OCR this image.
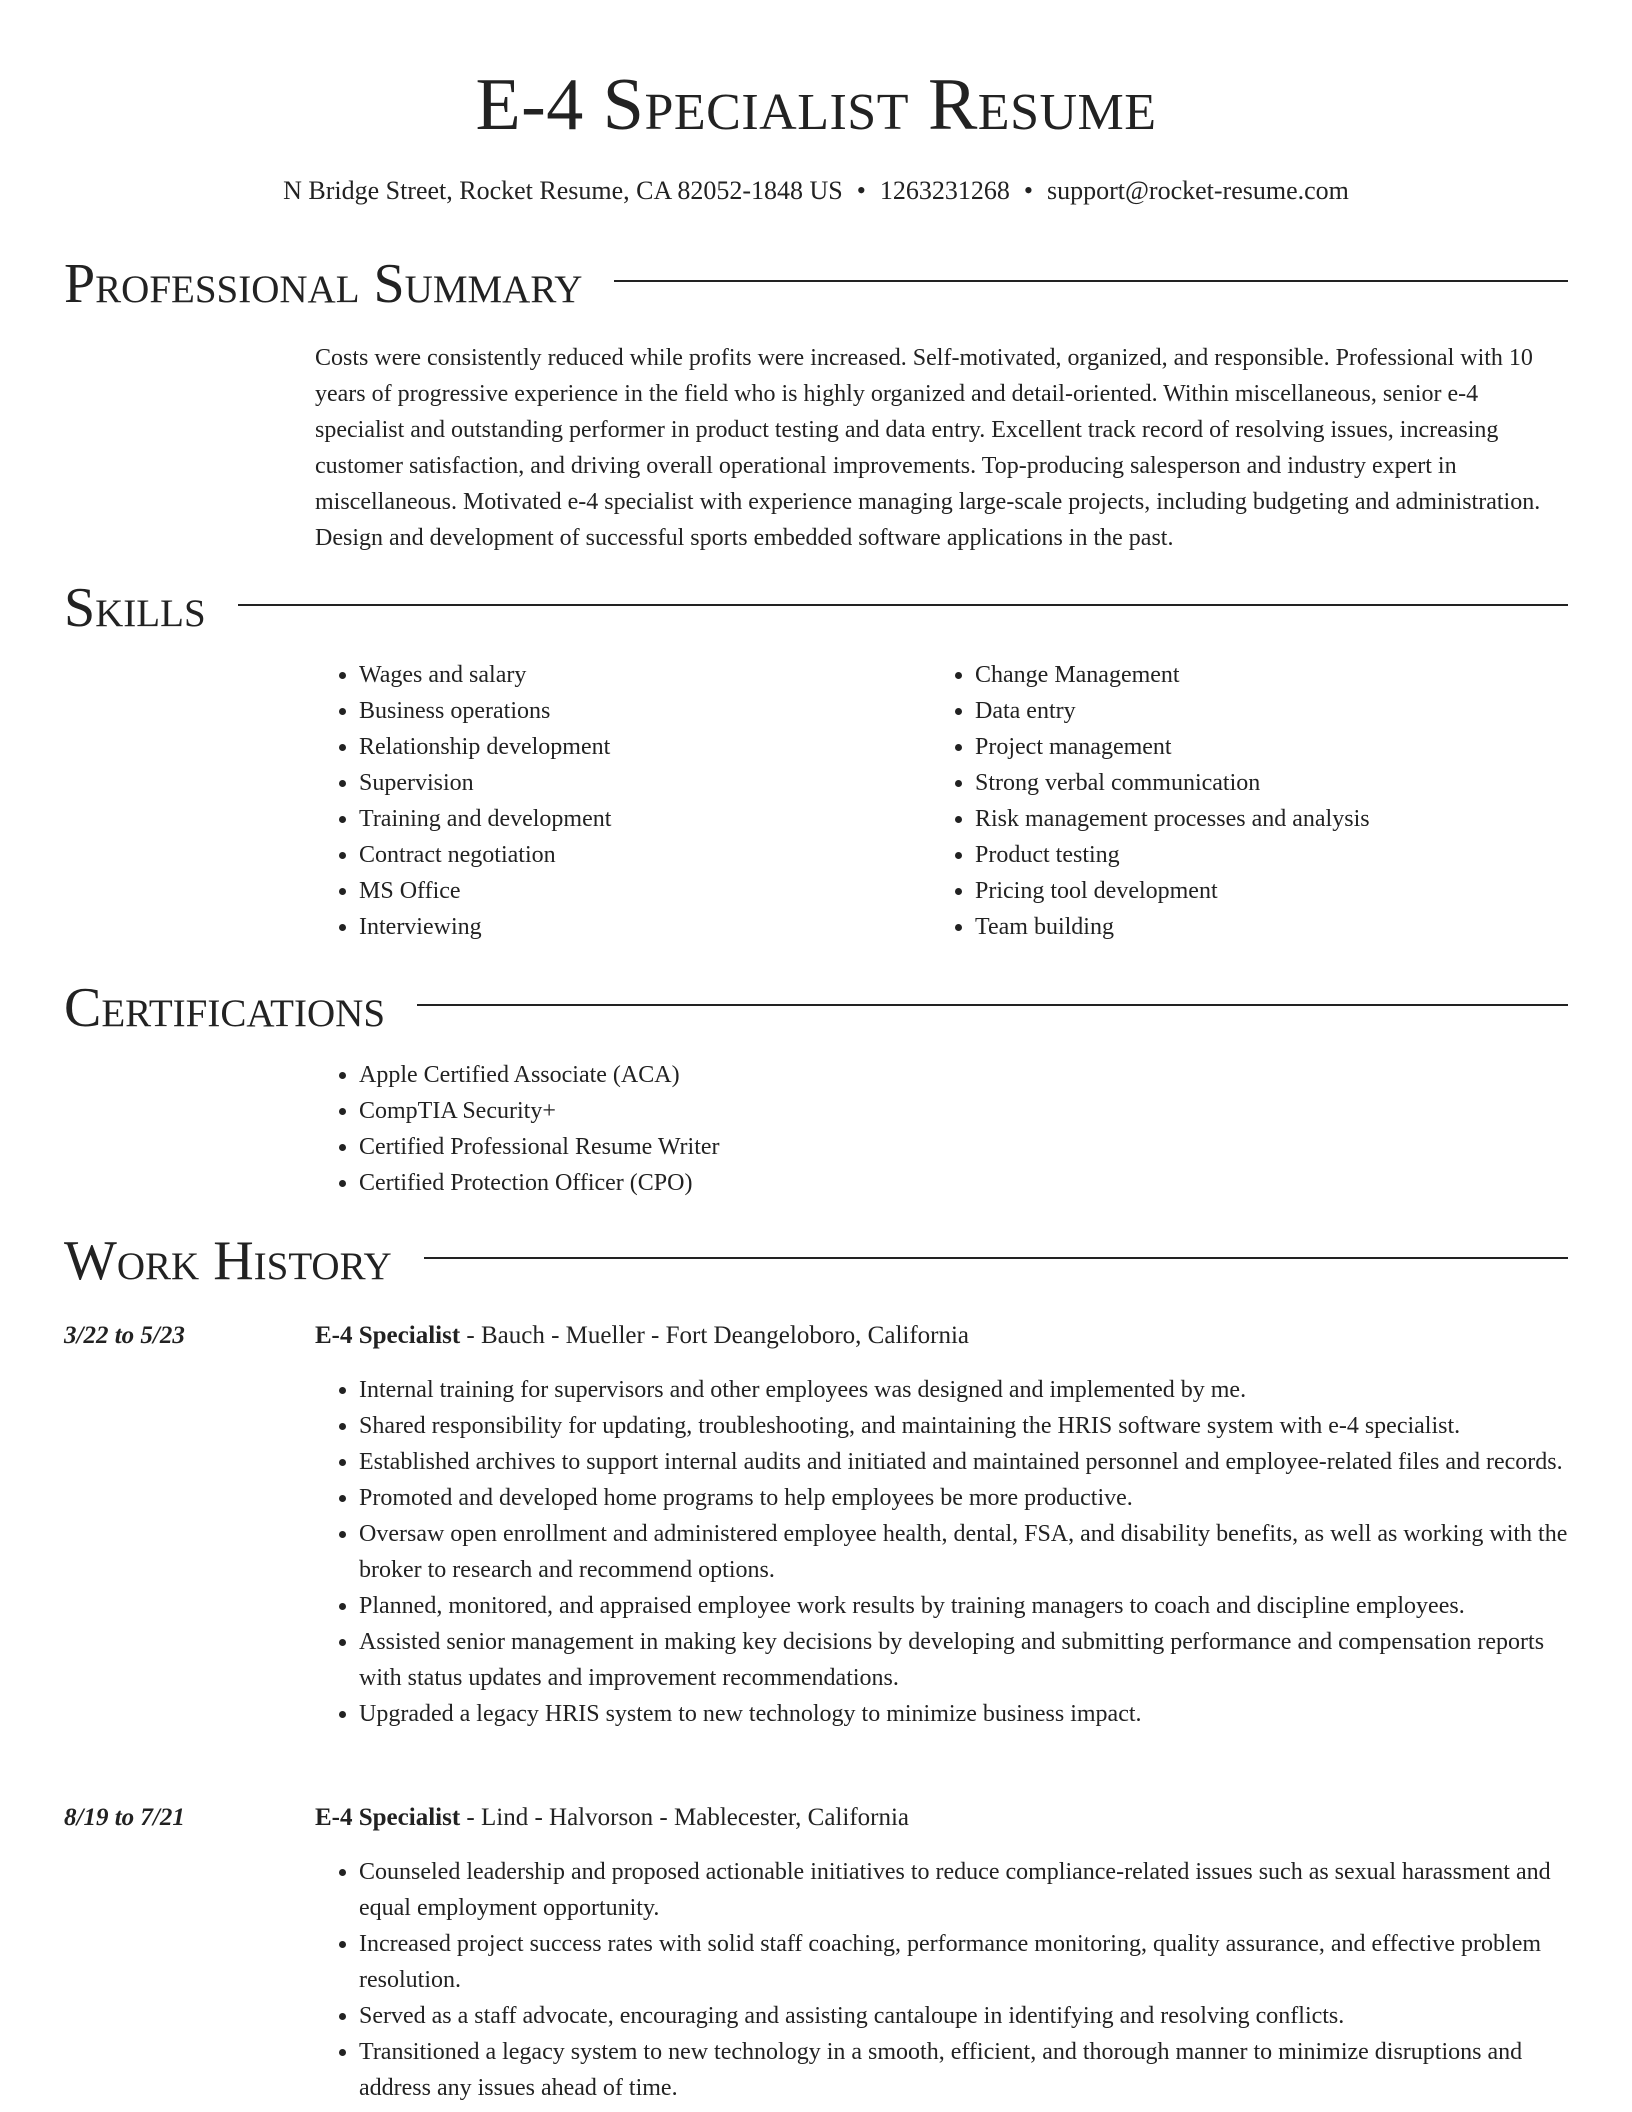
E-4 Specialist Resume
N Bridge Street, Rocket Resume, CA 82052-1848 US • 1263231268 • support@rocket-resume.com
Professional Summary

Costs were consistently reduced while profits were increased. Self-motivated, organized, and responsible. Professional with 10 years of progressive experience in the field who is highly organized and detail-oriented. Within miscellaneous, senior e-4 specialist and outstanding performer in product testing and data entry. Excellent track record of resolving issues, increasing customer satisfaction, and driving overall operational improvements. Top-producing salesperson and industry expert in miscellaneous. Motivated e-4 specialist with experience managing large-scale projects, including budgeting and administration. Design and development of successful sports embedded software applications in the past.

Skills
• Wages and salary
• Business operations
• Relationship development
• Supervision
• Training and development
• Contract negotiation
• MS Office
• Interviewing
• Change Management
• Data entry
• Project management
• Strong verbal communication
• Risk management processes and analysis
• Product testing
• Pricing tool development
• Team building
Certifications
• Apple Certified Associate (ACA)
• CompTIA Security+
• Certified Professional Resume Writer
• Certified Protection Officer (CPO)
Work History
3/22 to 5/23	E-4 Specialist - Bauch - Mueller - Fort Deangeloboro, California
• Internal training for supervisors and other employees was designed and implemented by me.
• Shared responsibility for updating, troubleshooting, and maintaining the HRIS software system with e-4 specialist.
• Established archives to support internal audits and initiated and maintained personnel and employee-related files and records.
• Promoted and developed home programs to help employees be more productive.
• Oversaw open enrollment and administered employee health, dental, FSA, and disability benefits, as well as working with the broker to research and recommend options.
• Planned, monitored, and appraised employee work results by training managers to coach and discipline employees.
• Assisted senior management in making key decisions by developing and submitting performance and compensation reports with status updates and improvement recommendations.
• Upgraded a legacy HRIS system to new technology to minimize business impact.
8/19 to 7/21	E-4 Specialist - Lind - Halvorson - Mablecester, California
• Counseled leadership and proposed actionable initiatives to reduce compliance-related issues such as sexual harassment and equal employment opportunity.
• Increased project success rates with solid staff coaching, performance monitoring, quality assurance, and effective problem resolution.
• Served as a staff advocate, encouraging and assisting cantaloupe in identifying and resolving conflicts.
• Transitioned a legacy system to new technology in a smooth, efficient, and thorough manner to minimize disruptions and address any issues ahead of time.
